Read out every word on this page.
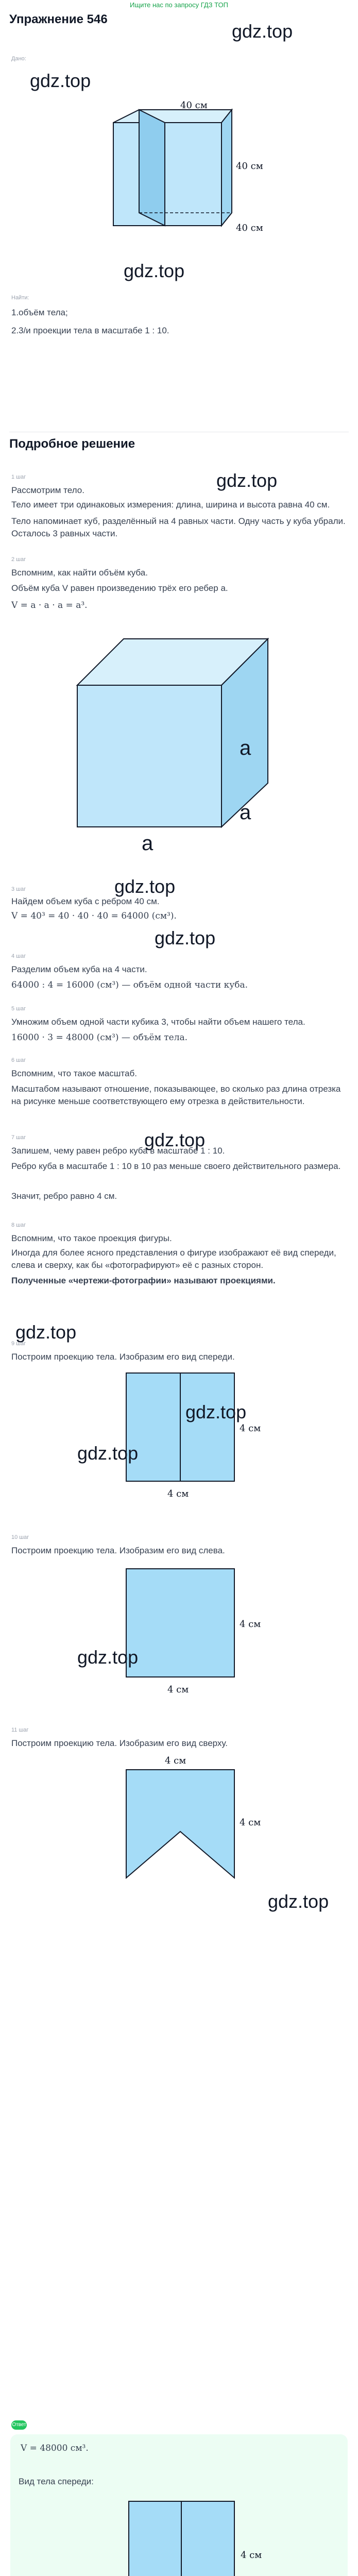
Ищите нас по запросу ГДЗ ТОП
Упражнение 546
gdz.top
Дано:
gdz.top
40 см
40 см
40 см
gdz.top
Найти:
1.объём тела;
2.3/и проекции тела в масштабе 1 : 10.
Подробное решение
gdz.top
1 шаг
Рассмотрим тело.
Тело имеет три одинаковых измерения: длина, ширина и высота равна 40 см.
Тело напоминает куб, разделённый на 4 равных части. Одну часть у куба убрали. Осталось 3 равных части.
2 шаг
Вспомним, как найти объём куба.
Объём куба V равен произведению трёх его ребер a.
V = a · a · a = a³.
a
a
a
gdz.top
3 шаг
Найдем объем куба с ребром 40 см.
V = 40³ = 40 · 40 · 40 = 64000 (см³).
gdz.top
4 шаг
Разделим объем куба на 4 части.
64000 : 4 = 16000 (см³) — объём одной части куба.
5 шаг
Умножим объем одной части кубика 3, чтобы найти объем нашего тела.
16000 · 3 = 48000 (см³) — объём тела.
6 шаг
Вспомним, что такое масштаб.
Масштабом называют отношение, показывающее, во сколько раз длина отрезка на рисунке меньше соответствующего ему отрезка в действительности.
gdz.top
7 шаг
Запишем, чему равен ребро куба в масштабе 1 : 10.
Ребро куба в масштабе 1 : 10 в 10 раз меньше своего действительного размера.
Значит, ребро равно 4 см.
8 шаг
Вспомним, что такое проекция фигуры.
Иногда для более ясного представления о фигуре изображают её вид спереди, слева и сверху, как бы «фотографируют» её с разных сторон.
Полученные «чертежи-фотографии» называют проекциями.
gdz.top
9 шаг
Построим проекцию тела. Изобразим его вид спереди.
4 см
4 см
gdz.top
gdz.top
10 шаг
Построим проекцию тела. Изобразим его вид слева.
4 см
4 см
gdz.top
11 шаг
Построим проекцию тела. Изобразим его вид сверху.
4 см
4 см
gdz.top
Ответ
V = 48000 см³.
Вид тела спереди:
4 см
